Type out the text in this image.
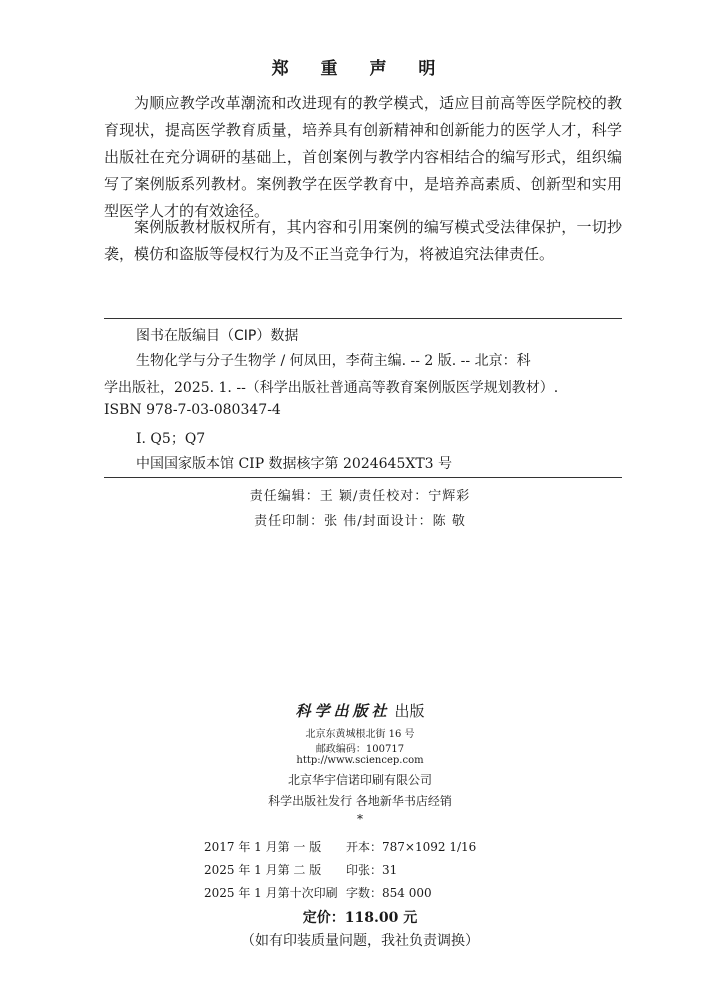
郑 重 声 明

为顺应教学改革潮流和改进现有的教学模式，适应目前高等医学院校的教育现状，提高医学教育质量，培养具有创新精神和创新能力的医学人才，科学出版社在充分调研的基础上，首创案例与教学内容相结合的编写形式，组织编写了案例版系列教材。案例教学在医学教育中，是培养高素质、创新型和实用型医学人才的有效途径。

案例版教材版权所有，其内容和引用案例的编写模式受法律保护，一切抄袭，模仿和盗版等侵权行为及不正当竞争行为，将被追究法律责任。

图书在版编目（CIP）数据
生物化学与分子生物学 / 何凤田，李荷主编. -- 2 版. -- 北京：科
学出版社，2025. 1. --（科学出版社普通高等教育案例版医学规划教材）.
ISBN 978-7-03-080347-4
Ⅰ. Q5；Q7
中国国家版本馆 CIP 数据核字第 2024645XT3 号
责任编辑：王 颖/责任校对：宁辉彩
责任印制：张 伟/封面设计：陈 敬
科学出版社 出版
北京东黄城根北街 16 号
邮政编码：100717
http://www.sciencep.com
北京华宇信诺印刷有限公司
科学出版社发行 各地新华书店经销
*
2017 年 1 月第 一 版 开本：787×1092 1/16
2025 年 1 月第 二 版 印张：31
2025 年 1 月第十次印刷 字数：854 000
定价：118.00 元
（如有印装质量问题，我社负责调换）
